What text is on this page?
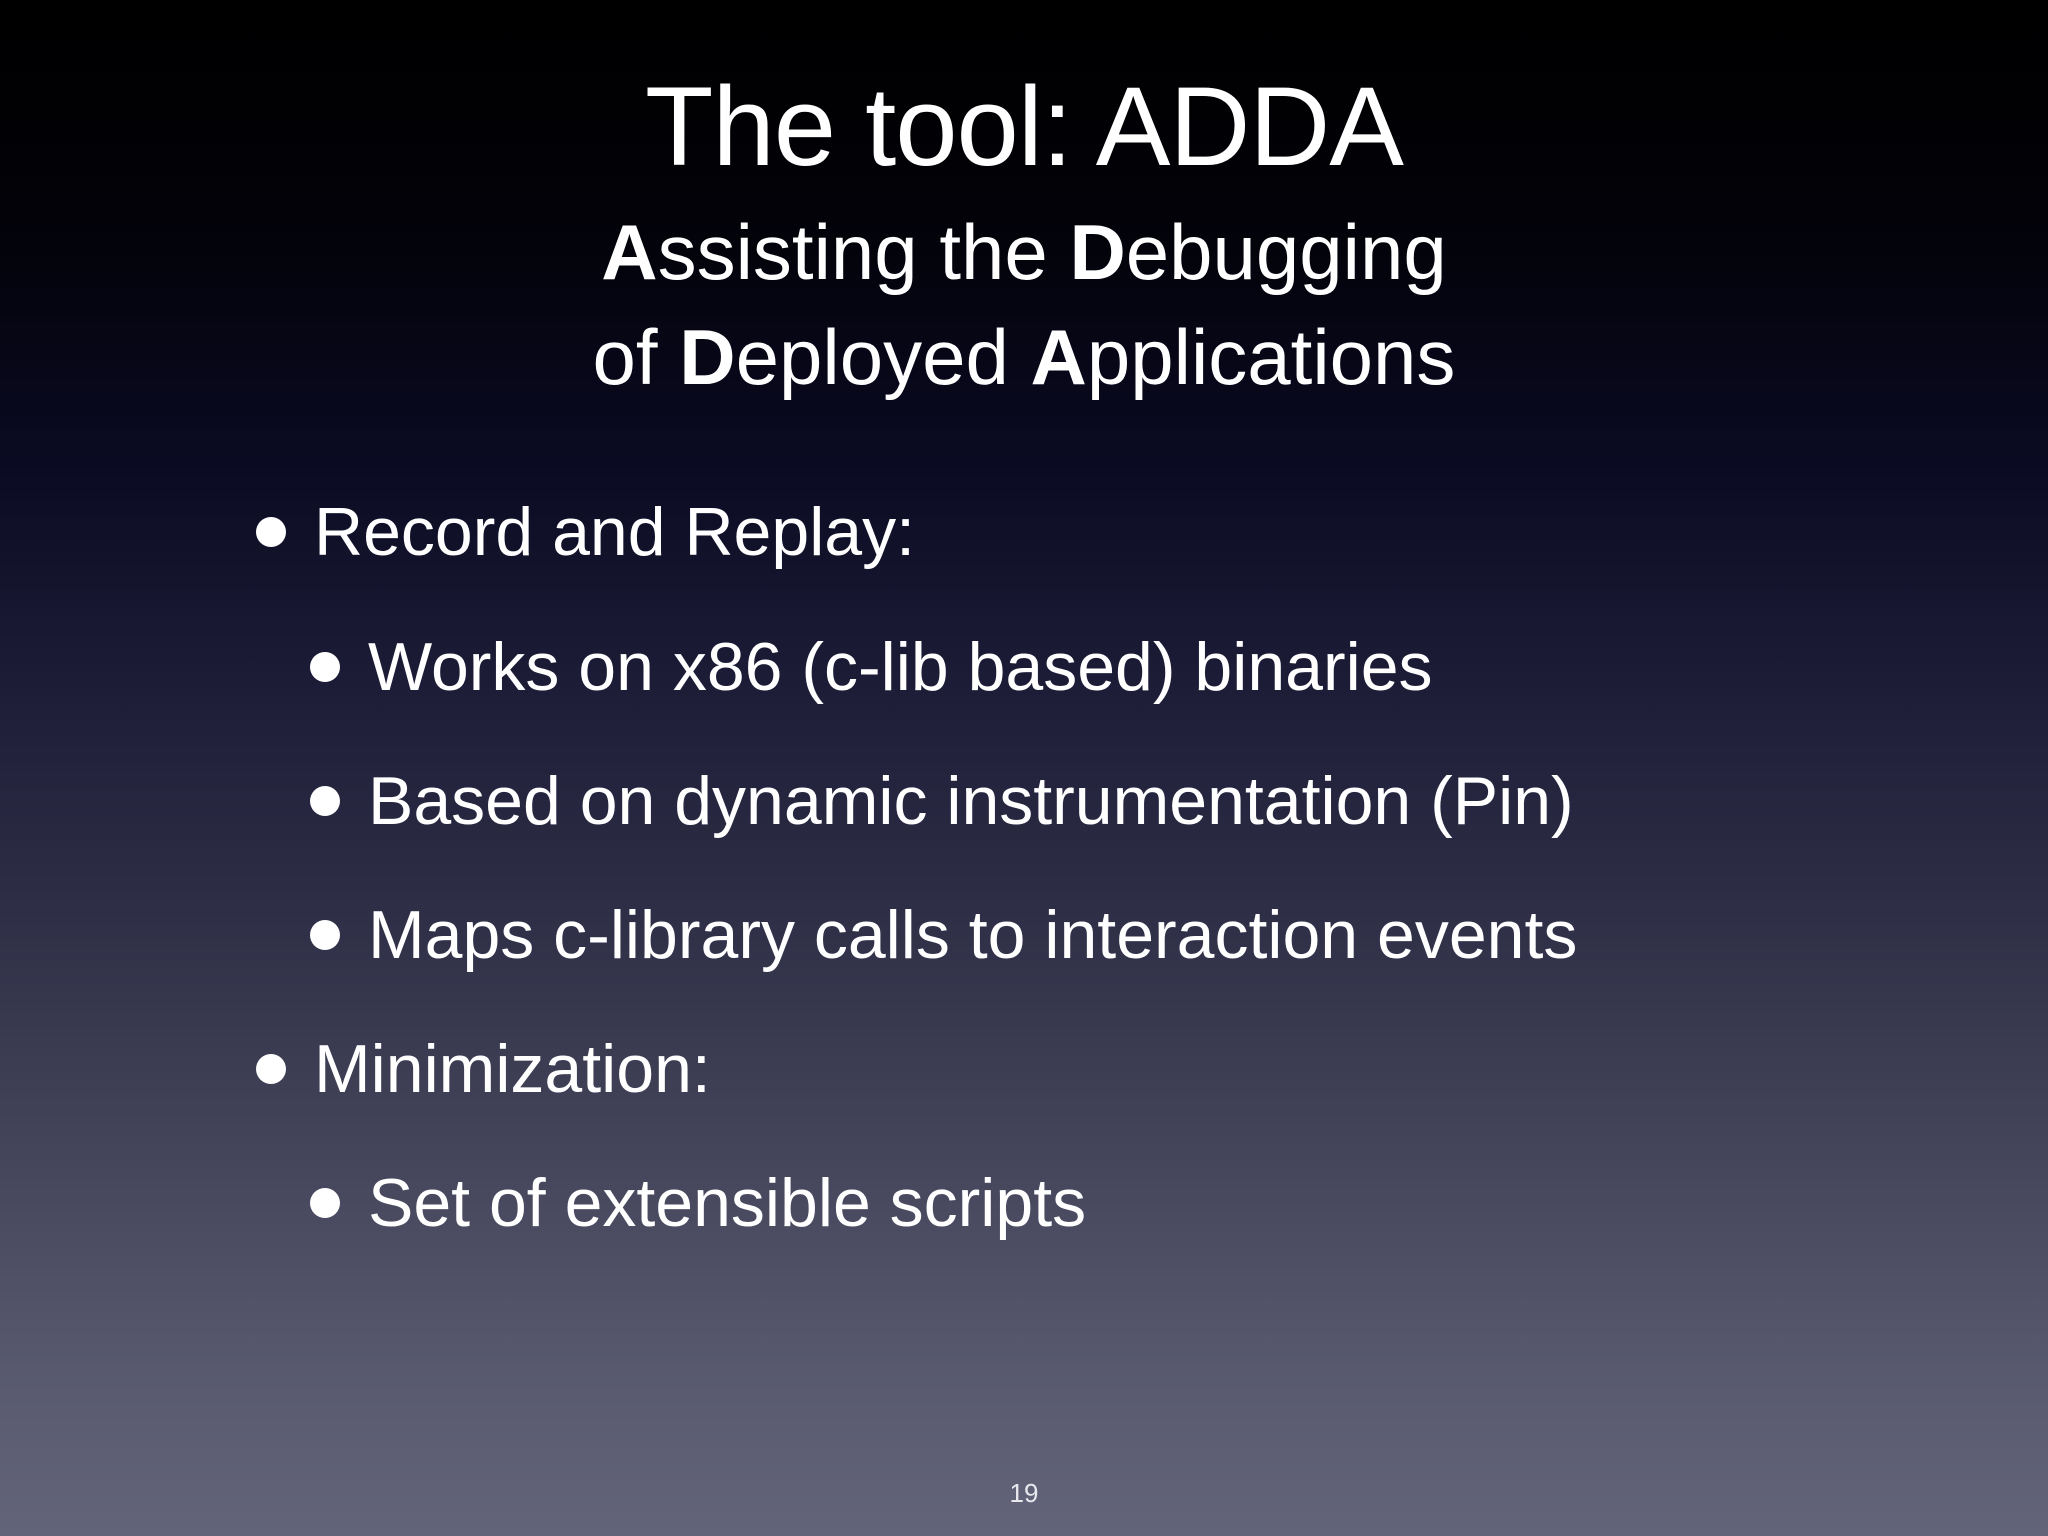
The tool: ADDA
Assisting the Debugging
of Deployed Applications
Record and Replay:
Works on x86 (c-lib based) binaries
Based on dynamic instrumentation (Pin)
Maps c-library calls to interaction events
Minimization:
Set of extensible scripts
19
